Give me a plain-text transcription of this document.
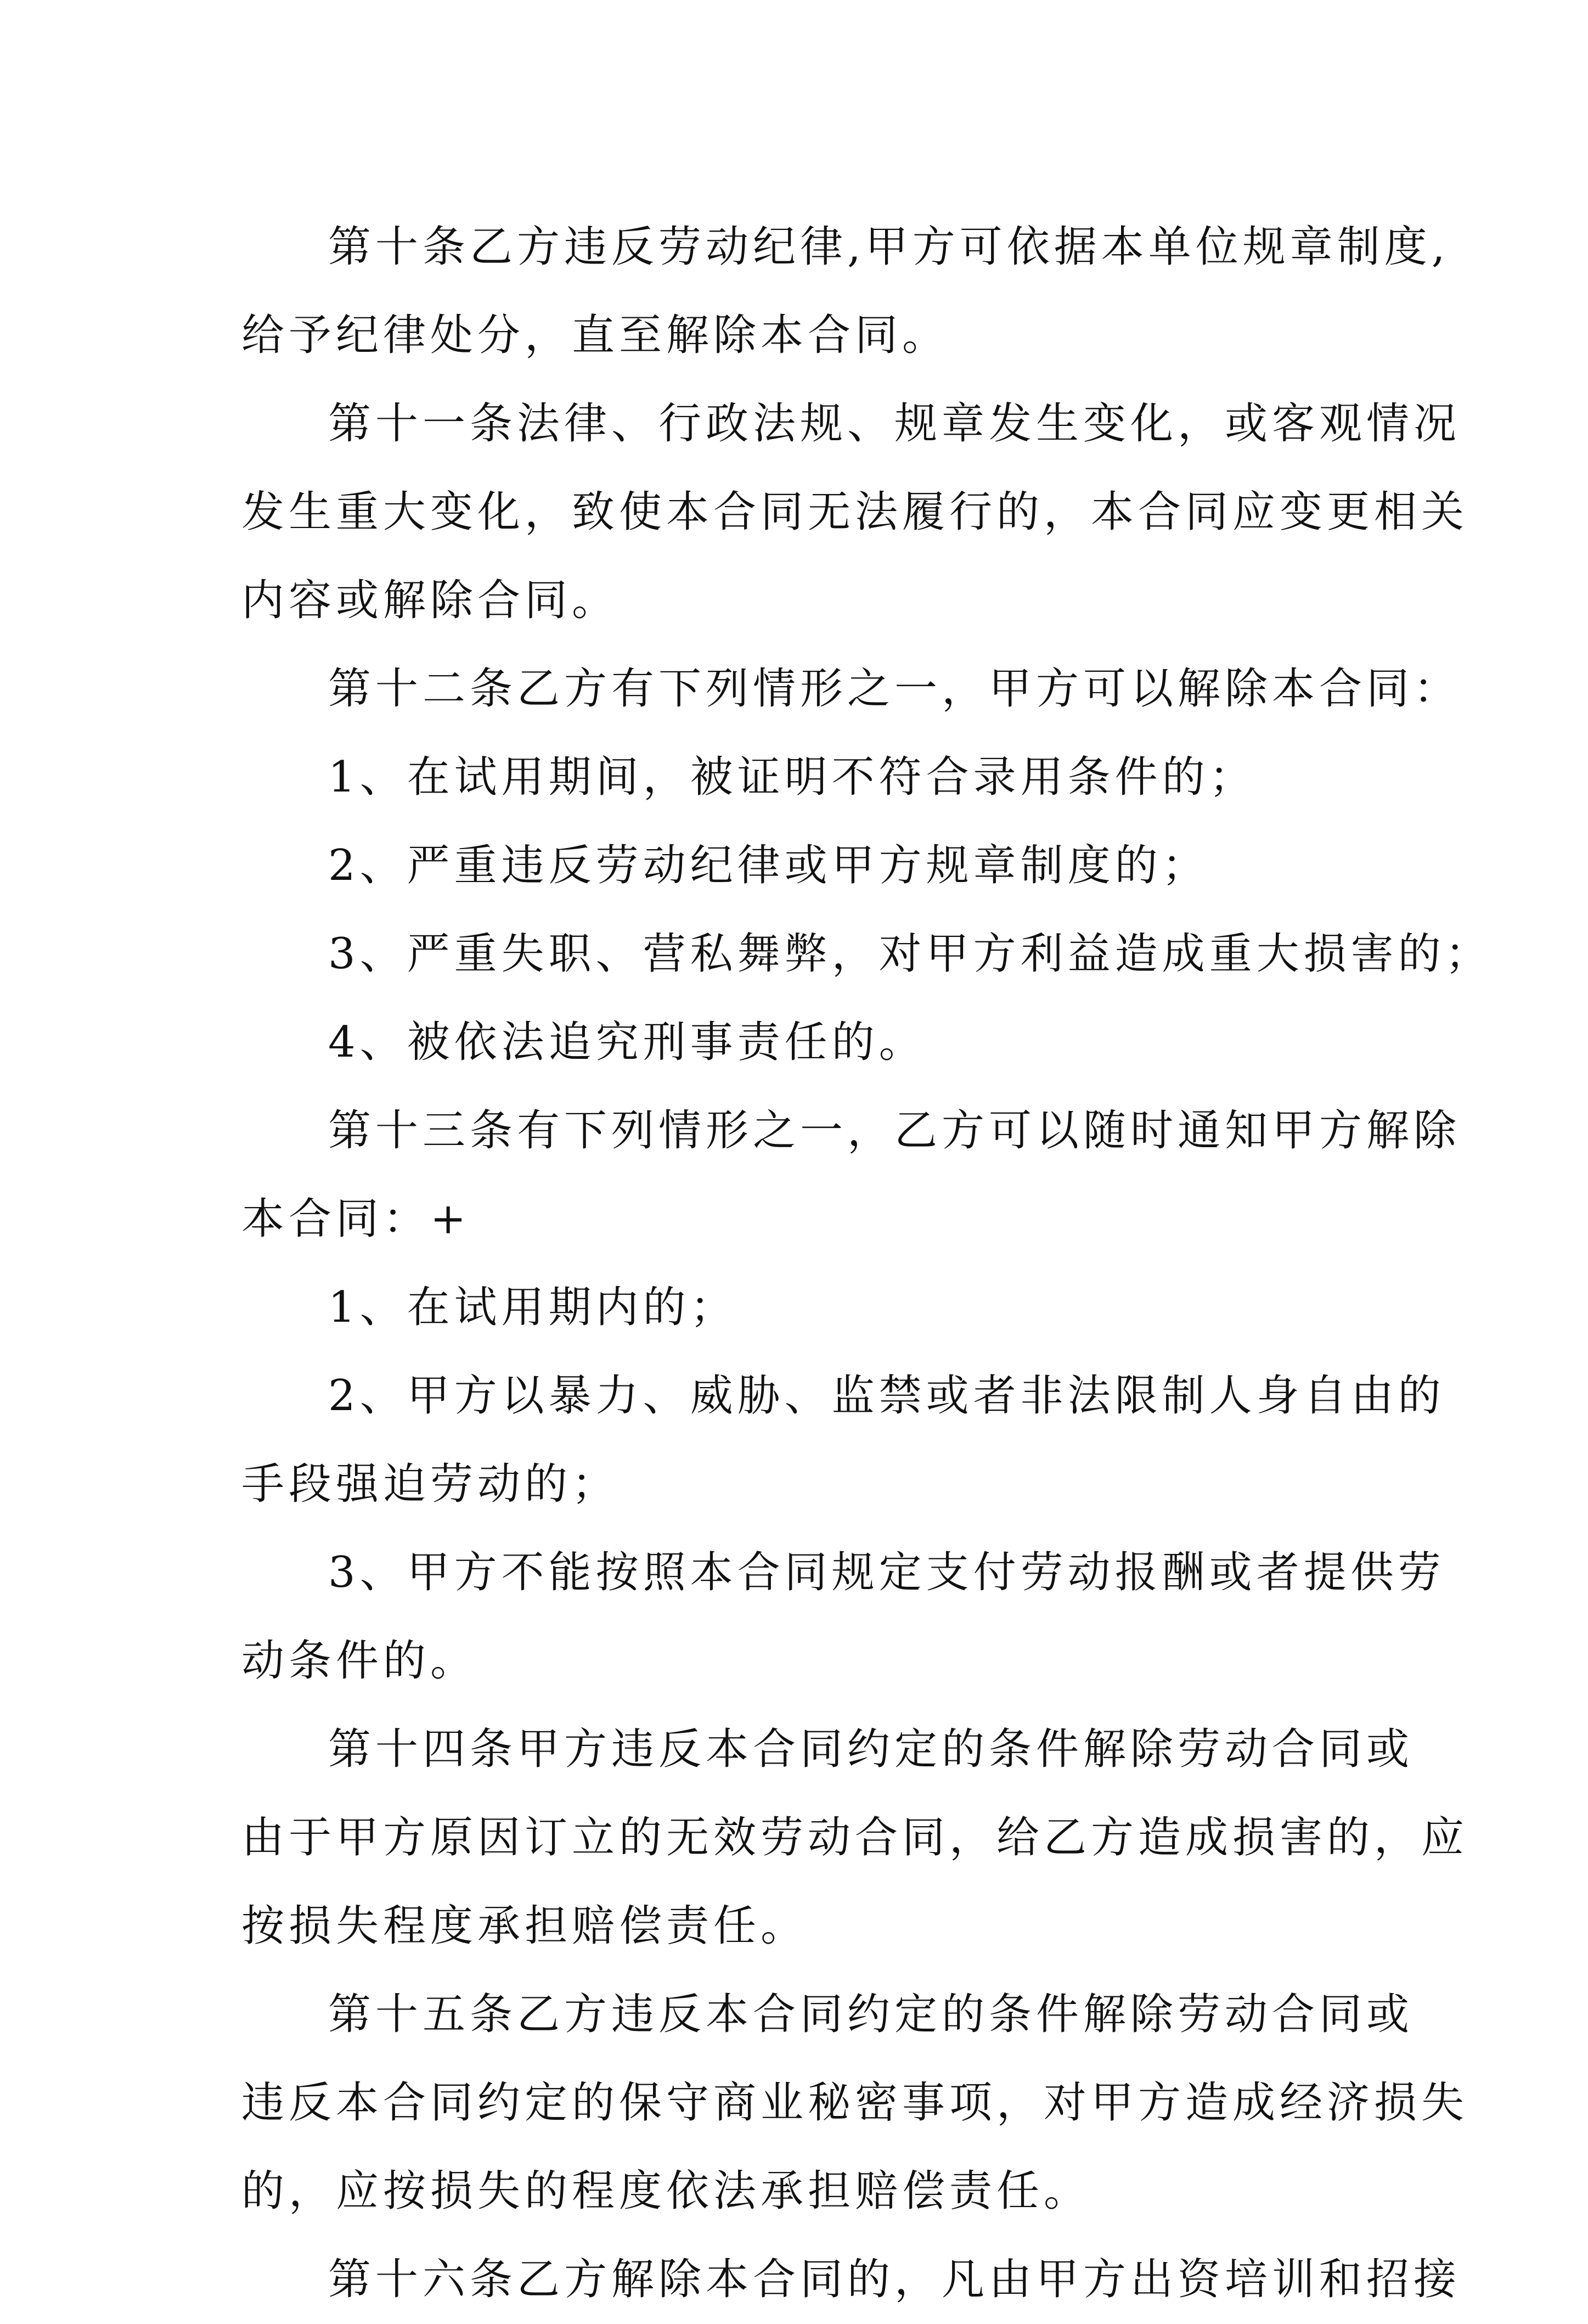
第十条乙方违反劳动纪律,甲方可依据本单位规章制度,
给予纪律处分，直至解除本合同。
第十一条法律、行政法规、规章发生变化，或客观情况
发生重大变化，致使本合同无法履行的，本合同应变更相关
内容或解除合同。
第十二条乙方有下列情形之一，甲方可以解除本合同：
1、在试用期间，被证明不符合录用条件的；
2、严重违反劳动纪律或甲方规章制度的；
3、严重失职、营私舞弊，对甲方利益造成重大损害的；
4、被依法追究刑事责任的。
第十三条有下列情形之一，乙方可以随时通知甲方解除
本合同：+
1、在试用期内的；
2、甲方以暴力、威胁、监禁或者非法限制人身自由的
手段强迫劳动的；
3、甲方不能按照本合同规定支付劳动报酬或者提供劳
动条件的。
第十四条甲方违反本合同约定的条件解除劳动合同或
由于甲方原因订立的无效劳动合同，给乙方造成损害的，应
按损失程度承担赔偿责任。
第十五条乙方违反本合同约定的条件解除劳动合同或
违反本合同约定的保守商业秘密事项，对甲方造成经济损失
的，应按损失的程度依法承担赔偿责任。
第十六条乙方解除本合同的，凡由甲方出资培训和招接
